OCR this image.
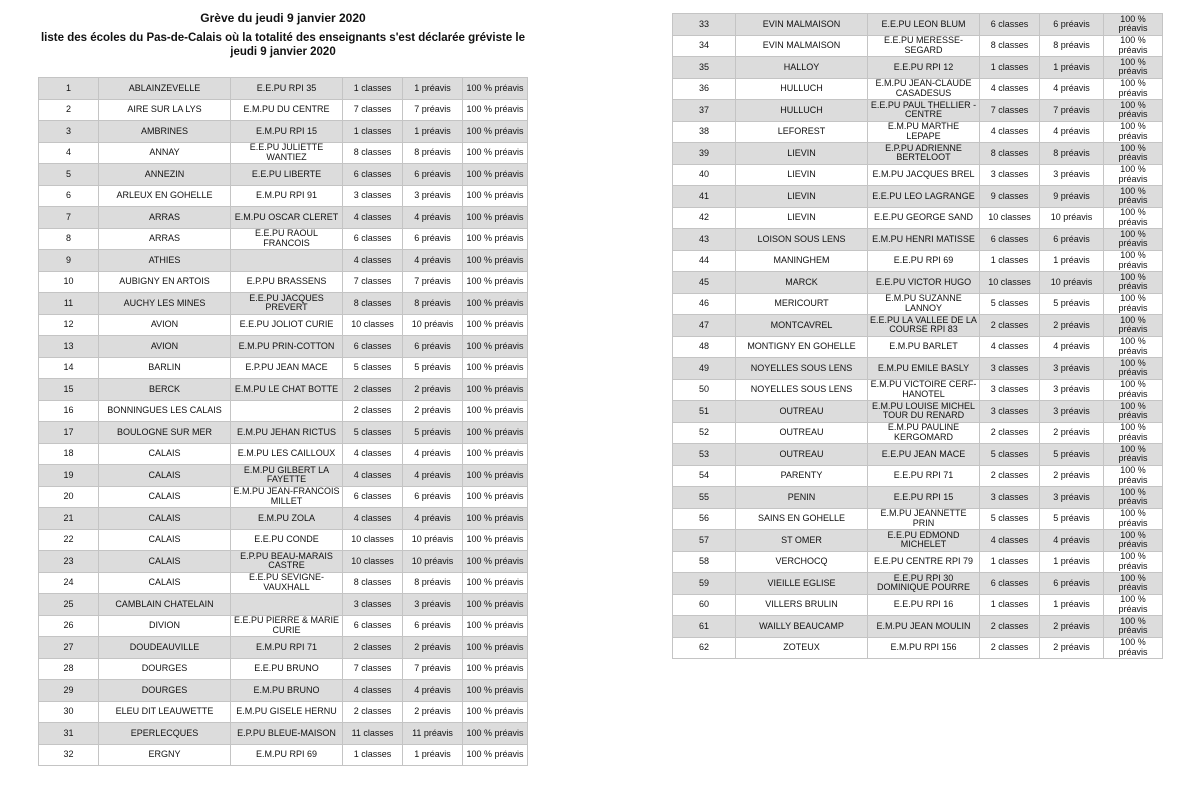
Grève du jeudi 9 janvier 2020
liste des écoles du Pas-de-Calais où la totalité des enseignants s'est déclarée gréviste le jeudi 9 janvier 2020
1	ABLAINZEVELLE	E.E.PU RPI 35	1 classes	1 préavis	100 % préavis
2	AIRE SUR LA LYS	E.M.PU DU CENTRE	7 classes	7 préavis	100 % préavis
3	AMBRINES	E.M.PU RPI 15	1 classes	1 préavis	100 % préavis
4	ANNAY	E.E.PU JULIETTE WANTIEZ	8 classes	8 préavis	100 % préavis
5	ANNEZIN	E.E.PU LIBERTE	6 classes	6 préavis	100 % préavis
6	ARLEUX EN GOHELLE	E.M.PU RPI 91	3 classes	3 préavis	100 % préavis
7	ARRAS	E.M.PU OSCAR CLERET	4 classes	4 préavis	100 % préavis
8	ARRAS	E.E.PU RAOUL FRANCOIS	6 classes	6 préavis	100 % préavis
9	ATHIES		4 classes	4 préavis	100 % préavis
10	AUBIGNY EN ARTOIS	E.P.PU BRASSENS	7 classes	7 préavis	100 % préavis
11	AUCHY LES MINES	E.E.PU JACQUES PREVERT	8 classes	8 préavis	100 % préavis
12	AVION	E.E.PU JOLIOT CURIE	10 classes	10 préavis	100 % préavis
13	AVION	E.M.PU PRIN-COTTON	6 classes	6 préavis	100 % préavis
14	BARLIN	E.P.PU JEAN MACE	5 classes	5 préavis	100 % préavis
15	BERCK	E.M.PU LE CHAT BOTTE	2 classes	2 préavis	100 % préavis
16	BONNINGUES LES CALAIS		2 classes	2 préavis	100 % préavis
17	BOULOGNE SUR MER	E.M.PU JEHAN RICTUS	5 classes	5 préavis	100 % préavis
18	CALAIS	E.M.PU LES CAILLOUX	4 classes	4 préavis	100 % préavis
19	CALAIS	E.M.PU GILBERT LA FAYETTE	4 classes	4 préavis	100 % préavis
20	CALAIS	E.M.PU JEAN-FRANCOIS MILLET	6 classes	6 préavis	100 % préavis
21	CALAIS	E.M.PU ZOLA	4 classes	4 préavis	100 % préavis
22	CALAIS	E.E.PU CONDE	10 classes	10 préavis	100 % préavis
23	CALAIS	E.P.PU BEAU-MARAIS CASTRE	10 classes	10 préavis	100 % préavis
24	CALAIS	E.E.PU SEVIGNE-VAUXHALL	8 classes	8 préavis	100 % préavis
25	CAMBLAIN CHATELAIN		3 classes	3 préavis	100 % préavis
26	DIVION	E.E.PU PIERRE & MARIE CURIE	6 classes	6 préavis	100 % préavis
27	DOUDEAUVILLE	E.M.PU RPI 71	2 classes	2 préavis	100 % préavis
28	DOURGES	E.E.PU BRUNO	7 classes	7 préavis	100 % préavis
29	DOURGES	E.M.PU BRUNO	4 classes	4 préavis	100 % préavis
30	ELEU DIT LEAUWETTE	E.M.PU GISELE HERNU	2 classes	2 préavis	100 % préavis
31	EPERLECQUES	E.P.PU BLEUE-MAISON	11 classes	11 préavis	100 % préavis
32	ERGNY	E.M.PU RPI 69	1 classes	1 préavis	100 % préavis
33	EVIN MALMAISON	E.E.PU LEON BLUM	6 classes	6 préavis	100 % préavis
34	EVIN MALMAISON	E.E.PU MERESSE-SEGARD	8 classes	8 préavis	100 % préavis
35	HALLOY	E.E.PU RPI 12	1 classes	1 préavis	100 % préavis
36	HULLUCH	E.M.PU JEAN-CLAUDE CASADESUS	4 classes	4 préavis	100 % préavis
37	HULLUCH	E.E.PU PAUL THELLIER - CENTRE	7 classes	7 préavis	100 % préavis
38	LEFOREST	E.M.PU MARTHE LEPAPE	4 classes	4 préavis	100 % préavis
39	LIEVIN	E.P.PU ADRIENNE BERTELOOT	8 classes	8 préavis	100 % préavis
40	LIEVIN	E.M.PU JACQUES BREL	3 classes	3 préavis	100 % préavis
41	LIEVIN	E.E.PU LEO LAGRANGE	9 classes	9 préavis	100 % préavis
42	LIEVIN	E.E.PU GEORGE SAND	10 classes	10 préavis	100 % préavis
43	LOISON SOUS LENS	E.M.PU HENRI MATISSE	6 classes	6 préavis	100 % préavis
44	MANINGHEM	E.E.PU RPI 69	1 classes	1 préavis	100 % préavis
45	MARCK	E.E.PU VICTOR HUGO	10 classes	10 préavis	100 % préavis
46	MERICOURT	E.M.PU SUZANNE LANNOY	5 classes	5 préavis	100 % préavis
47	MONTCAVREL	E.E.PU LA VALLEE DE LA COURSE RPI 83	2 classes	2 préavis	100 % préavis
48	MONTIGNY EN GOHELLE	E.M.PU BARLET	4 classes	4 préavis	100 % préavis
49	NOYELLES SOUS LENS	E.M.PU EMILE BASLY	3 classes	3 préavis	100 % préavis
50	NOYELLES SOUS LENS	E.M.PU VICTOIRE CERF-HANOTEL	3 classes	3 préavis	100 % préavis
51	OUTREAU	E.M.PU LOUISE MICHEL TOUR DU RENARD	3 classes	3 préavis	100 % préavis
52	OUTREAU	E.M.PU PAULINE KERGOMARD	2 classes	2 préavis	100 % préavis
53	OUTREAU	E.E.PU JEAN MACE	5 classes	5 préavis	100 % préavis
54	PARENTY	E.E.PU RPI 71	2 classes	2 préavis	100 % préavis
55	PENIN	E.E.PU RPI 15	3 classes	3 préavis	100 % préavis
56	SAINS EN GOHELLE	E.M.PU JEANNETTE PRIN	5 classes	5 préavis	100 % préavis
57	ST OMER	E.E.PU EDMOND MICHELET	4 classes	4 préavis	100 % préavis
58	VERCHOCQ	E.E.PU CENTRE RPI 79	1 classes	1 préavis	100 % préavis
59	VIEILLE EGLISE	E.E.PU RPI 30 DOMINIQUE POURRE	6 classes	6 préavis	100 % préavis
60	VILLERS BRULIN	E.E.PU RPI 16	1 classes	1 préavis	100 % préavis
61	WAILLY BEAUCAMP	E.M.PU JEAN MOULIN	2 classes	2 préavis	100 % préavis
62	ZOTEUX	E.M.PU RPI 156	2 classes	2 préavis	100 % préavis
